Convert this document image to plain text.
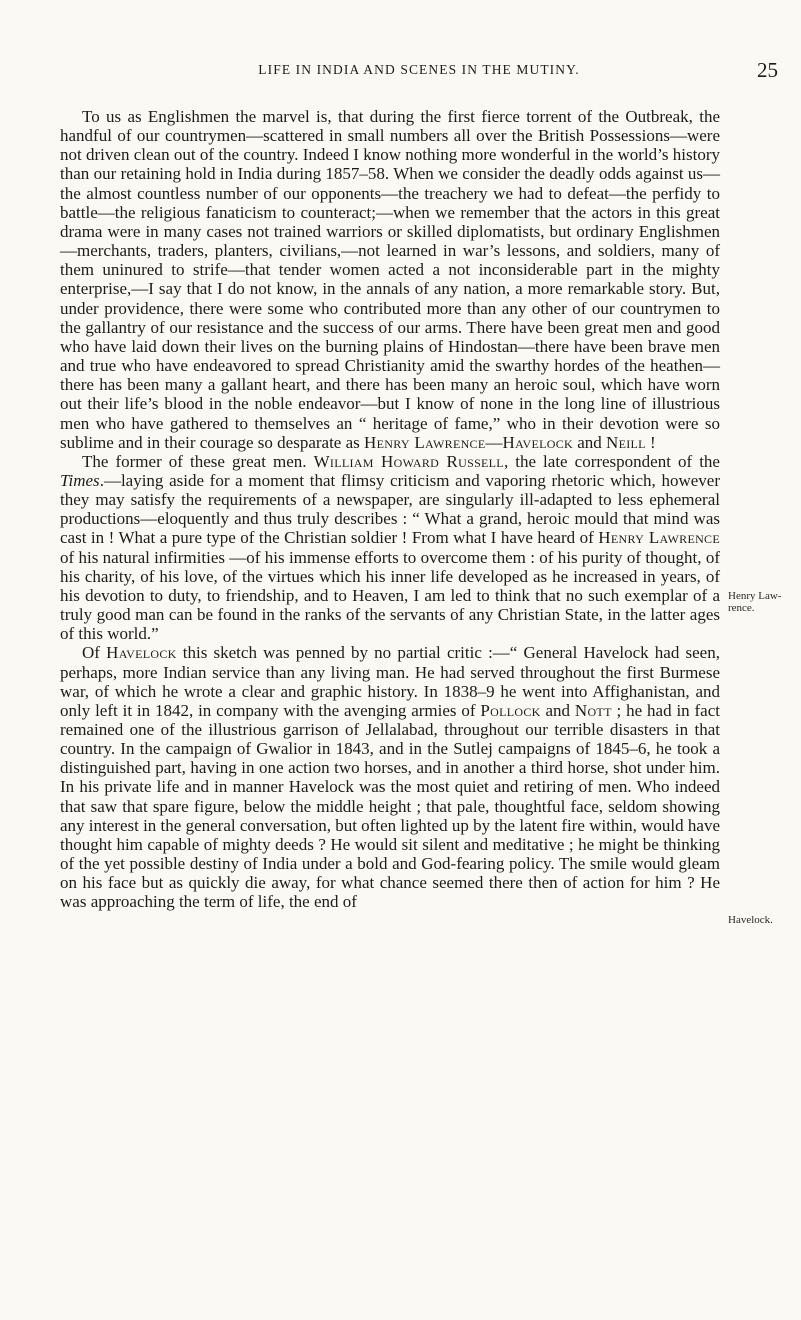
LIFE IN INDIA AND SCENES IN THE MUTINY.	25

To us as Englishmen the marvel is, that during the first fierce torrent of the Outbreak, the handful of our countrymen—scattered in small numbers all over the British Possessions—were not driven clean out of the country. Indeed I know nothing more wonderful in the world’s history than our retaining hold in India during 1857–58. When we consider the deadly odds against us—the almost countless number of our opponents—the treachery we had to defeat—the perfidy to battle—the religious fanaticism to counteract;—when we remember that the actors in this great drama were in many cases not trained warriors or skilled diplomatists, but ordinary Englishmen—merchants, traders, planters, civilians,—not learned in war’s lessons, and soldiers, many of them uninured to strife—that tender women acted a not inconsiderable part in the mighty enterprise,—I say that I do not know, in the annals of any nation, a more remarkable story. But, under providence, there were some who contributed more than any other of our countrymen to the gallantry of our resistance and the success of our arms. There have been great men and good who have laid down their lives on the burning plains of Hindostan—there have been brave men and true who have endeavored to spread Christianity amid the swarthy hordes of the heathen—there has been many a gallant heart, and there has been many an heroic soul, which have worn out their life’s blood in the noble endeavor—but I know of none in the long line of illustrious men who have gathered to themselves an “ heritage of fame,” who in their devotion were so sublime and in their courage so desparate as Henry Lawrence—Havelock and Neill !

The former of these great men. William Howard Russell, the late correspondent of the Times.—laying aside for a moment that flimsy criticism and vaporing rhetoric which, however they may satisfy the requirements of a newspaper, are singularly ill-adapted to less ephemeral productions—eloquently and thus truly describes : “ What a grand, heroic mould that mind was cast in ! What a pure type of the Christian soldier ! From what I have heard of Henry Lawrence of his natural infirmities —of his immense efforts to overcome them : of his purity of thought, of his charity, of his love, of the virtues which his inner life developed as he increased in years, of his devotion to duty, to friendship, and to Heaven, I am led to think that no such exemplar of a truly good man can be found in the ranks of the servants of any Christian State, in the latter ages of this world.”

Of Havelock this sketch was penned by no partial critic :—“ General Havelock had seen, perhaps, more Indian service than any living man. He had served throughout the first Burmese war, of which he wrote a clear and graphic history. In 1838–9 he went into Affighanistan, and only left it in 1842, in company with the avenging armies of Pollock and Nott ; he had in fact remained one of the illustrious garrison of Jellalabad, throughout our terrible disasters in that country. In the campaign of Gwalior in 1843, and in the Sutlej campaigns of 1845–6, he took a distinguished part, having in one action two horses, and in another a third horse, shot under him. In his private life and in manner Havelock was the most quiet and retiring of men. Who indeed that saw that spare figure, below the middle height ; that pale, thoughtful face, seldom showing any interest in the general conversation, but often lighted up by the latent fire within, would have thought him capable of mighty deeds ? He would sit silent and meditative ; he might be thinking of the yet possible destiny of India under a bold and God-fearing policy. The smile would gleam on his face but as quickly die away, for what chance seemed there then of action for him ? He was approaching the term of life, the end of

Henry Law-
rence.
Havelock.
